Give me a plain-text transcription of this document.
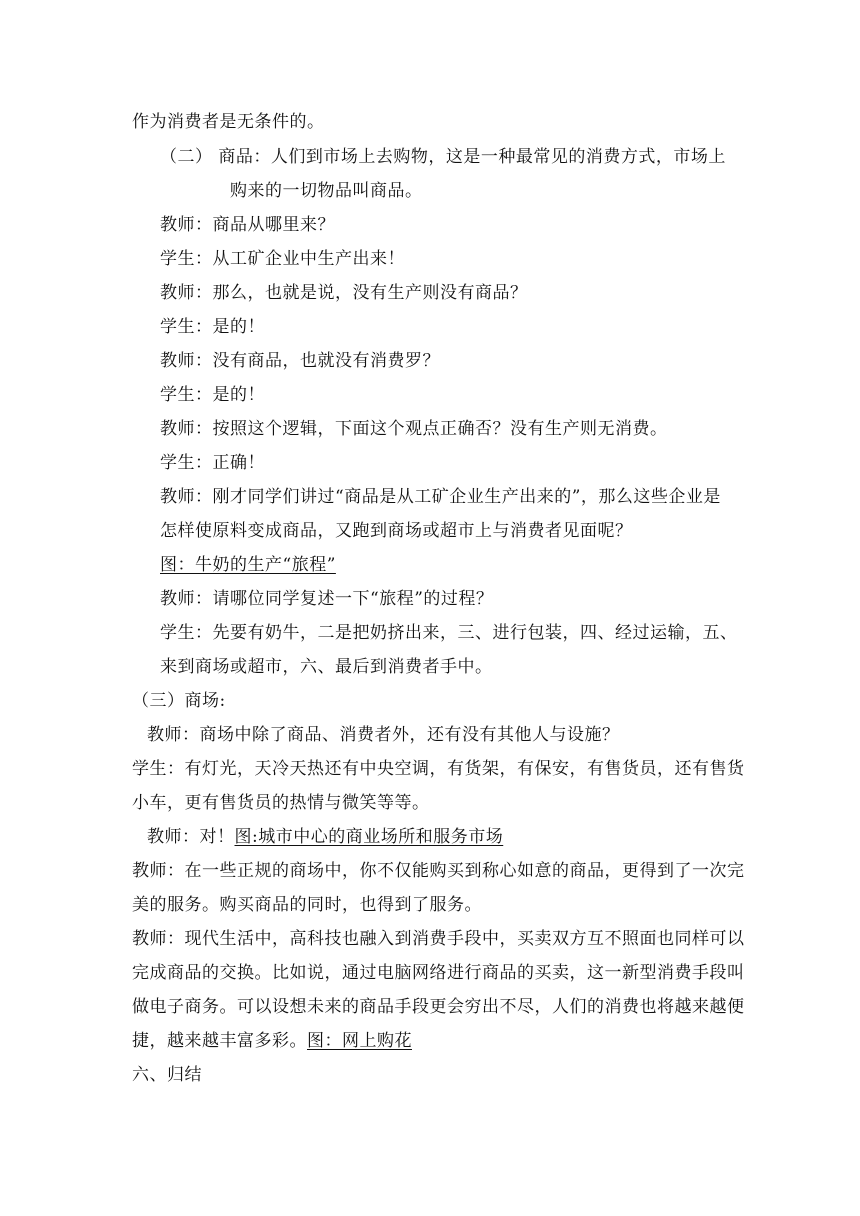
作为消费者是无条件的。
（二） 商品：人们到市场上去购物，这是一种最常见的消费方式，市场上
购来的一切物品叫商品。
教师：商品从哪里来？
学生：从工矿企业中生产出来！
教师：那么，也就是说，没有生产则没有商品？
学生：是的！
教师：没有商品，也就没有消费罗？
学生：是的！
教师：按照这个逻辑，下面这个观点正确否？没有生产则无消费。
学生：正确！
教师：刚才同学们讲过“商品是从工矿企业生产出来的”，那么这些企业是
怎样使原料变成商品，又跑到商场或超市上与消费者见面呢？
图：牛奶的生产“旅程”
教师：请哪位同学复述一下“旅程”的过程？
学生：先要有奶牛，二是把奶挤出来，三、进行包装，四、经过运输，五、
来到商场或超市，六、最后到消费者手中。
（三）商场:
教师：商场中除了商品、消费者外，还有没有其他人与设施？
学生：有灯光，天冷天热还有中央空调，有货架，有保安，有售货员，还有售货
小车，更有售货员的热情与微笑等等。
教师：对！图:城市中心的商业场所和服务市场
教师：在一些正规的商场中，你不仅能购买到称心如意的商品，更得到了一次完
美的服务。购买商品的同时，也得到了服务。
教师：现代生活中，高科技也融入到消费手段中，买卖双方互不照面也同样可以
完成商品的交换。比如说，通过电脑网络进行商品的买卖，这一新型消费手段叫
做电子商务。可以设想未来的商品手段更会穷出不尽，人们的消费也将越来越便
捷，越来越丰富多彩。图：网上购花
六、归结
